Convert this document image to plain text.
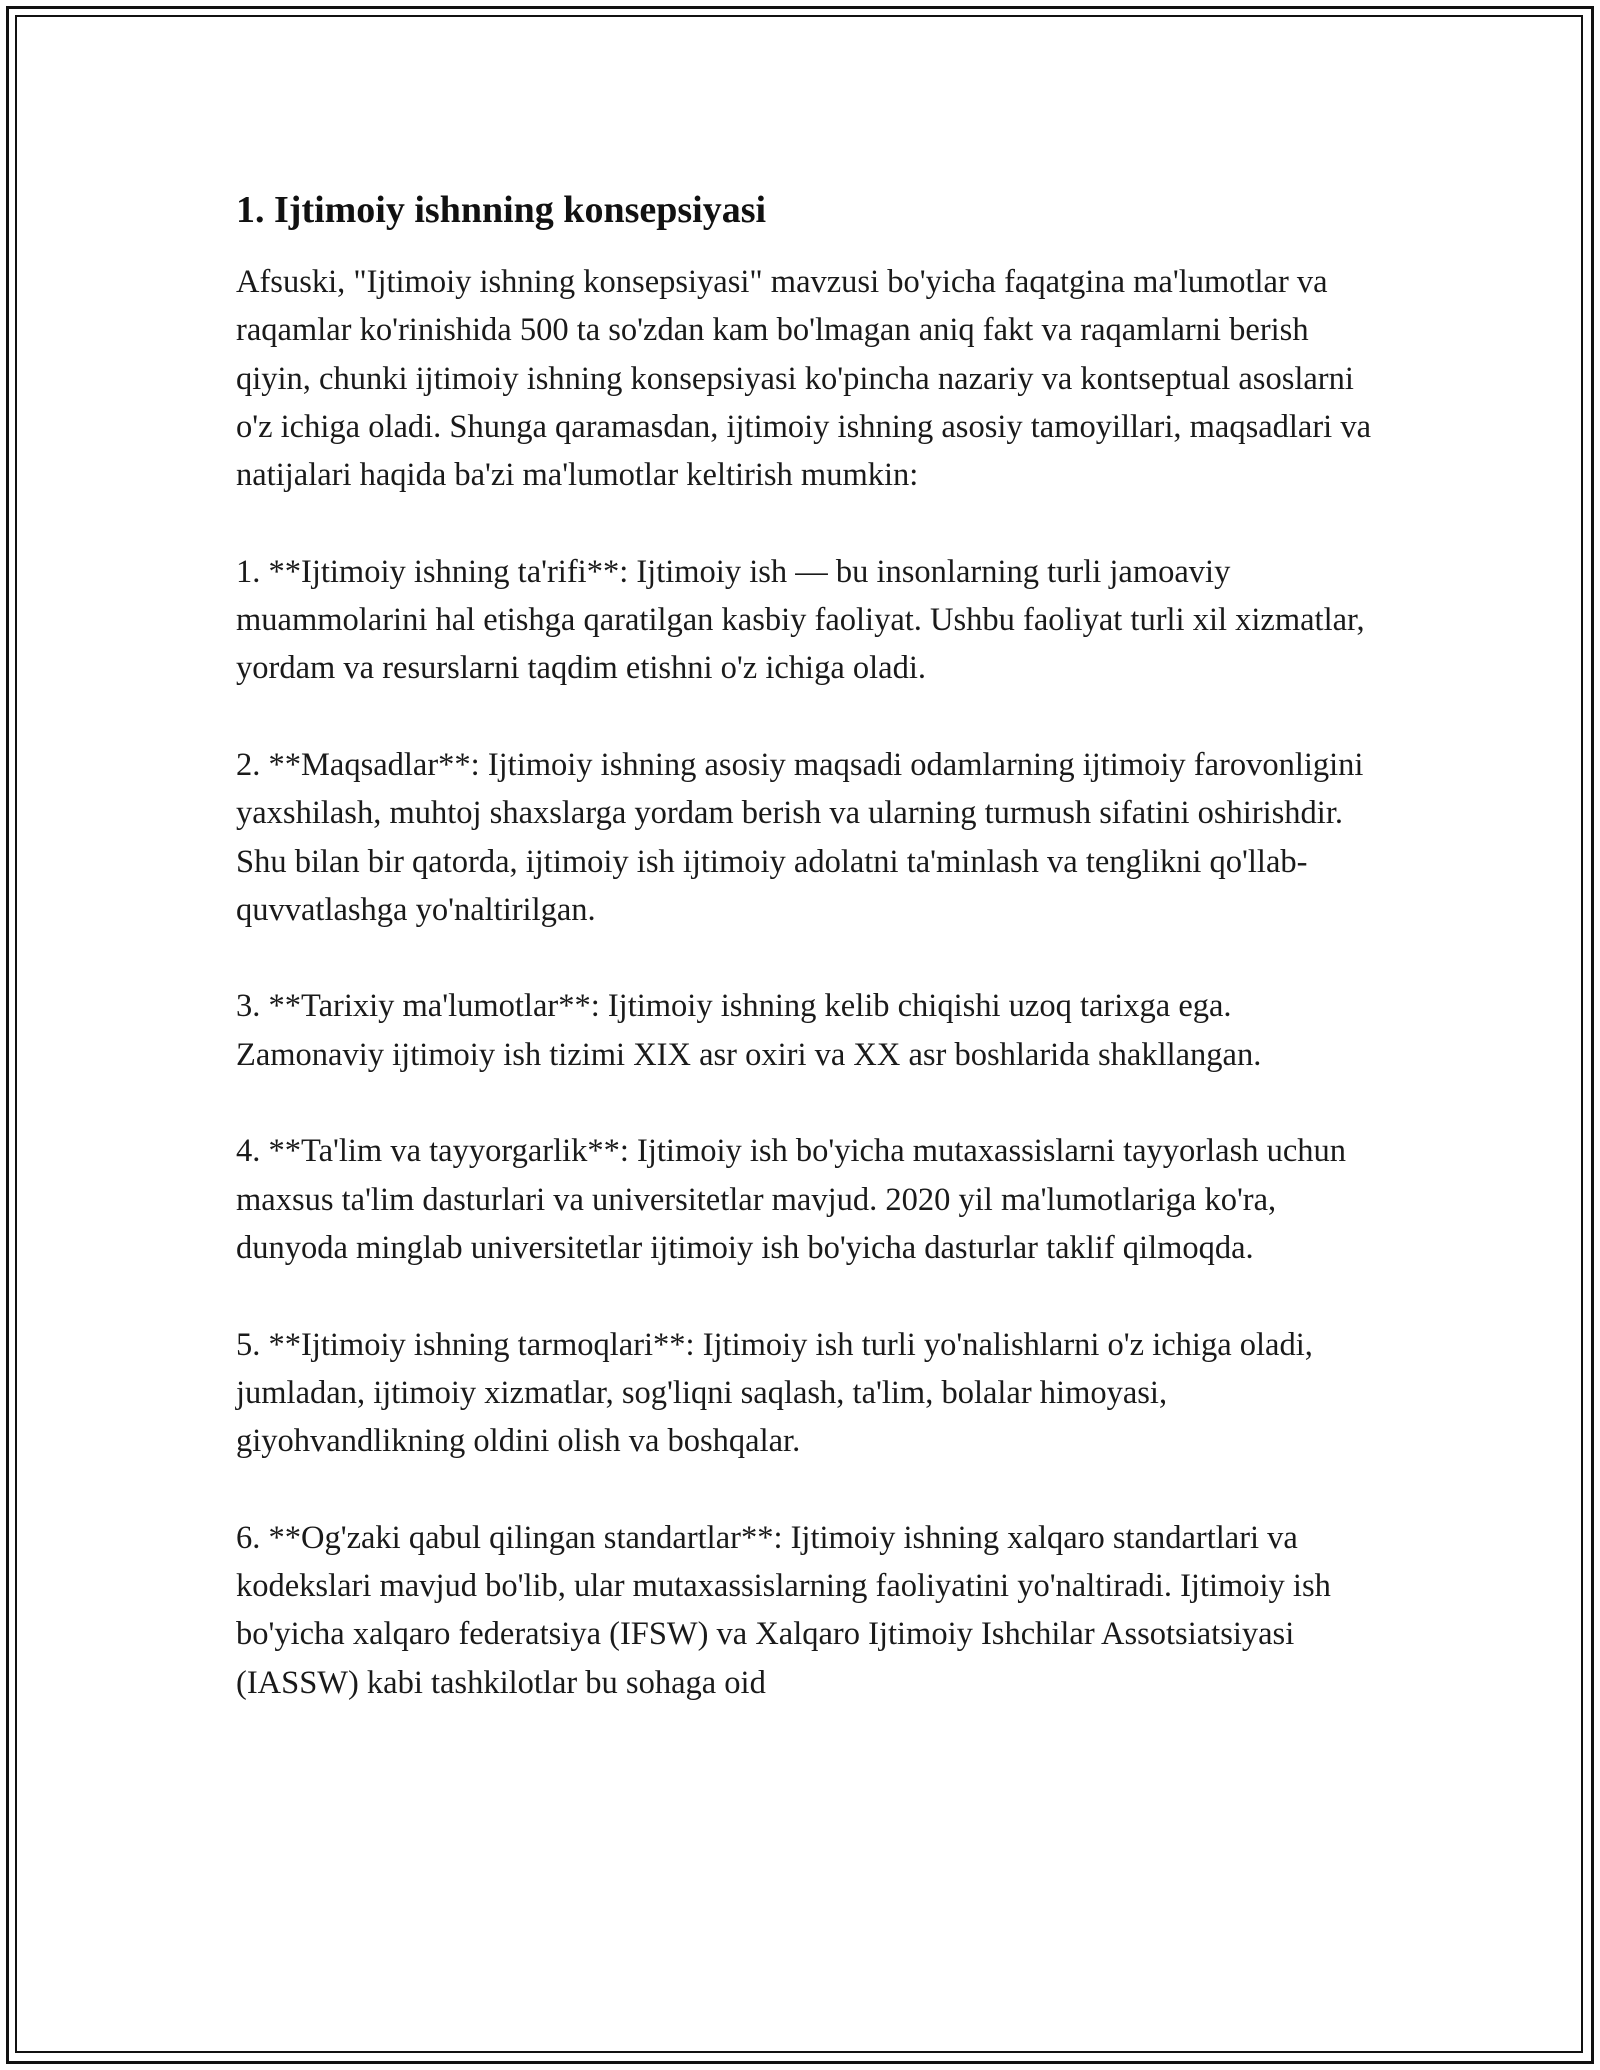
1. Ijtimoiy ishnning konsepsiyasi

Afsuski, "Ijtimoiy ishning konsepsiyasi" mavzusi bo'yicha faqatgina ma'lumotlar va raqamlar ko'rinishida 500 ta so'zdan kam bo'lmagan aniq fakt va raqamlarni berish qiyin, chunki ijtimoiy ishning konsepsiyasi ko'pincha nazariy va kontseptual asoslarni o'z ichiga oladi. Shunga qaramasdan, ijtimoiy ishning asosiy tamoyillari, maqsadlari va natijalari haqida ba'zi ma'lumotlar keltirish mumkin:

1. **Ijtimoiy ishning ta'rifi**: Ijtimoiy ish — bu insonlarning turli jamoaviy muammolarini hal etishga qaratilgan kasbiy faoliyat. Ushbu faoliyat turli xil xizmatlar, yordam va resurslarni taqdim etishni o'z ichiga oladi.

2. **Maqsadlar**: Ijtimoiy ishning asosiy maqsadi odamlarning ijtimoiy farovonligini yaxshilash, muhtoj shaxslarga yordam berish va ularning turmush sifatini oshirishdir. Shu bilan bir qatorda, ijtimoiy ish ijtimoiy adolatni ta'minlash va tenglikni qo'llab-quvvatlashga yo'naltirilgan.

3. **Tarixiy ma'lumotlar**: Ijtimoiy ishning kelib chiqishi uzoq tarixga ega. Zamonaviy ijtimoiy ish tizimi XIX asr oxiri va XX asr boshlarida shakllangan.

4. **Ta'lim va tayyorgarlik**: Ijtimoiy ish bo'yicha mutaxassislarni tayyorlash uchun maxsus ta'lim dasturlari va universitetlar mavjud. 2020 yil ma'lumotlariga ko'ra, dunyoda minglab universitetlar ijtimoiy ish bo'yicha dasturlar taklif qilmoqda.

5. **Ijtimoiy ishning tarmoqlari**: Ijtimoiy ish turli yo'nalishlarni o'z ichiga oladi, jumladan, ijtimoiy xizmatlar, sog'liqni saqlash, ta'lim, bolalar himoyasi, giyohvandlikning oldini olish va boshqalar.

6. **Og'zaki qabul qilingan standartlar**: Ijtimoiy ishning xalqaro standartlari va kodekslari mavjud bo'lib, ular mutaxassislarning faoliyatini yo'naltiradi. Ijtimoiy ish bo'yicha xalqaro federatsiya (IFSW) va Xalqaro Ijtimoiy Ishchilar Assotsiatsiyasi (IASSW) kabi tashkilotlar bu sohaga oid
